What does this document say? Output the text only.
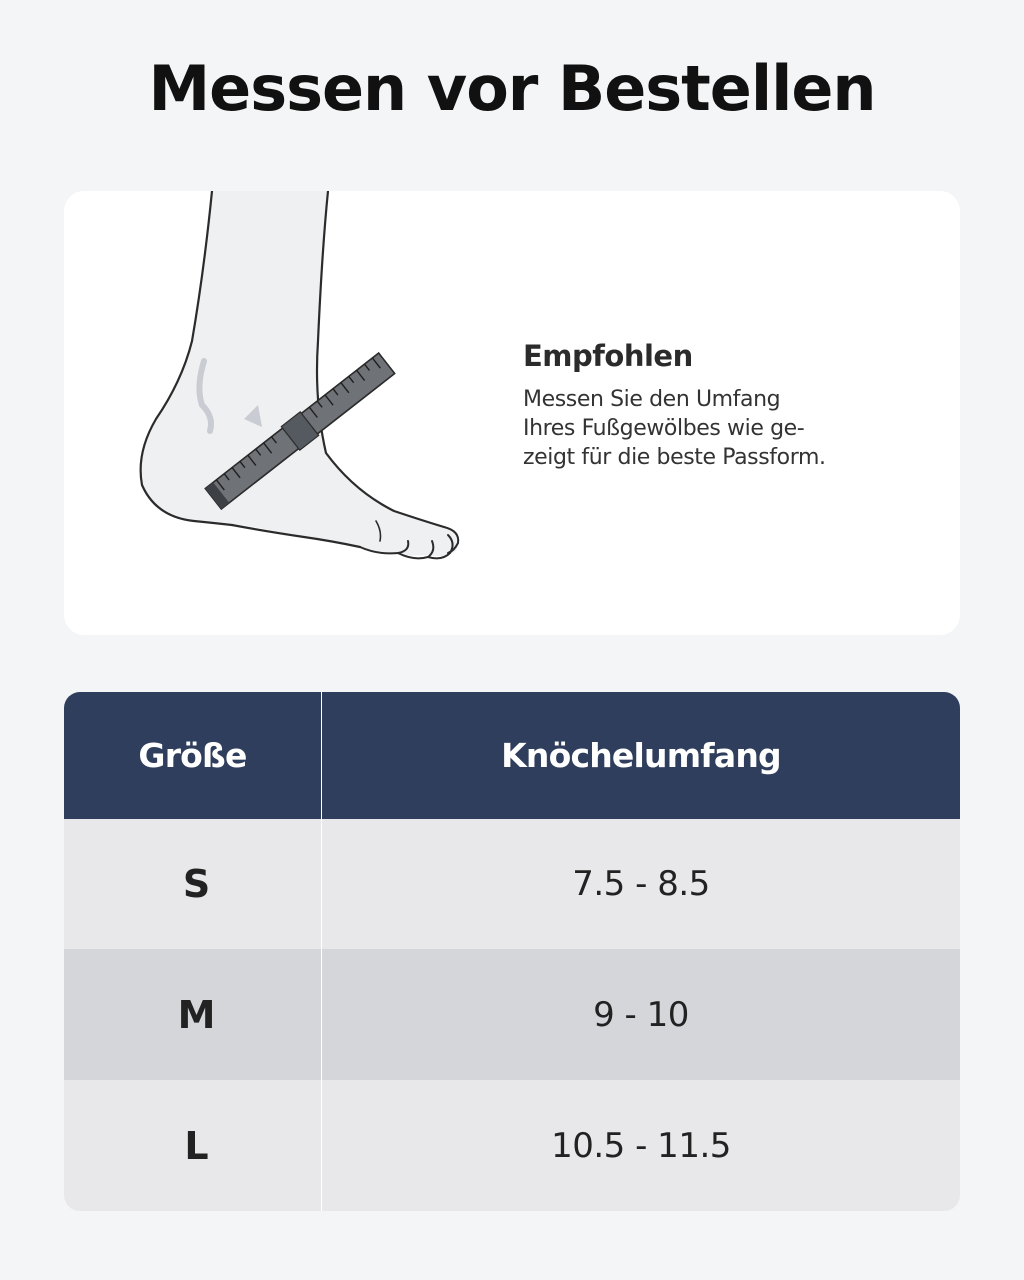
Messen vor Bestellen
Empfohlen

Messen Sie den Umfang
Ihres Fußgewölbes wie ge-
zeigt für die beste Passform.

Größe	Knöchelumfang
S	7.5 - 8.5
M	9 - 10
L	10.5 - 11.5
